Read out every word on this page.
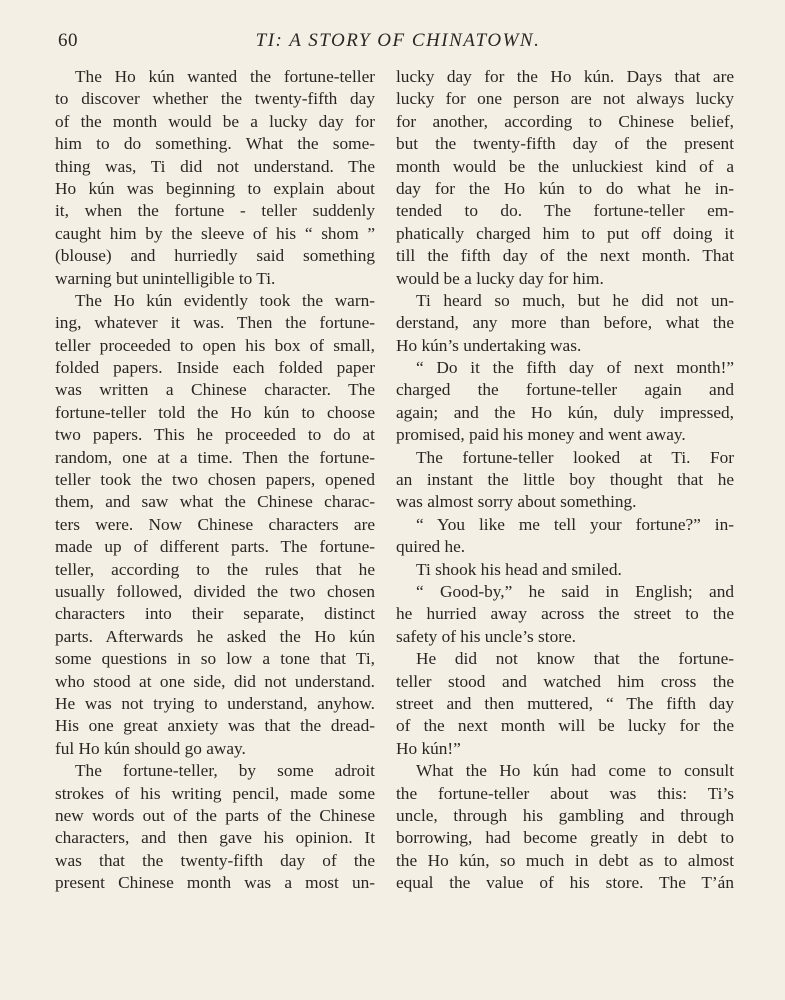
60	TI: A STORY OF CHINATOWN.
The Ho kún wanted the fortune-teller
to discover whether the twenty-fifth day
of the month would be a lucky day for
him to do something. What the some-
thing was, Ti did not understand. The
Ho kún was beginning to explain about
it, when the fortune - teller suddenly
caught him by the sleeve of his “ shom ”
(blouse) and hurriedly said something
warning but unintelligible to Ti.
The Ho kún evidently took the warn-
ing, whatever it was. Then the fortune-
teller proceeded to open his box of small,
folded papers. Inside each folded paper
was written a Chinese character. The
fortune-teller told the Ho kún to choose
two papers. This he proceeded to do at
random, one at a time. Then the fortune-
teller took the two chosen papers, opened
them, and saw what the Chinese charac-
ters were. Now Chinese characters are
made up of different parts. The fortune-
teller, according to the rules that he
usually followed, divided the two chosen
characters into their separate, distinct
parts. Afterwards he asked the Ho kún
some questions in so low a tone that Ti,
who stood at one side, did not understand.
He was not trying to understand, anyhow.
His one great anxiety was that the dread-
ful Ho kún should go away.
The fortune-teller, by some adroit
strokes of his writing pencil, made some
new words out of the parts of the Chinese
characters, and then gave his opinion. It
was that the twenty-fifth day of the
present Chinese month was a most un-
lucky day for the Ho kún. Days that are
lucky for one person are not always lucky
for another, according to Chinese belief,
but the twenty-fifth day of the present
month would be the unluckiest kind of a
day for the Ho kún to do what he in-
tended to do. The fortune-teller em-
phatically charged him to put off doing it
till the fifth day of the next month. That
would be a lucky day for him.
Ti heard so much, but he did not un-
derstand, any more than before, what the
Ho kún’s undertaking was.
“ Do it the fifth day of next month!”
charged the fortune-teller again and
again; and the Ho kún, duly impressed,
promised, paid his money and went away.
The fortune-teller looked at Ti. For
an instant the little boy thought that he
was almost sorry about something.
“ You like me tell your fortune?” in-
quired he.
Ti shook his head and smiled.
“ Good-by,” he said in English; and
he hurried away across the street to the
safety of his uncle’s store.
He did not know that the fortune-
teller stood and watched him cross the
street and then muttered, “ The fifth day
of the next month will be lucky for the
Ho kún!”
What the Ho kún had come to consult
the fortune-teller about was this: Ti’s
uncle, through his gambling and through
borrowing, had become greatly in debt to
the Ho kún, so much in debt as to almost
equal the value of his store. The T’án
